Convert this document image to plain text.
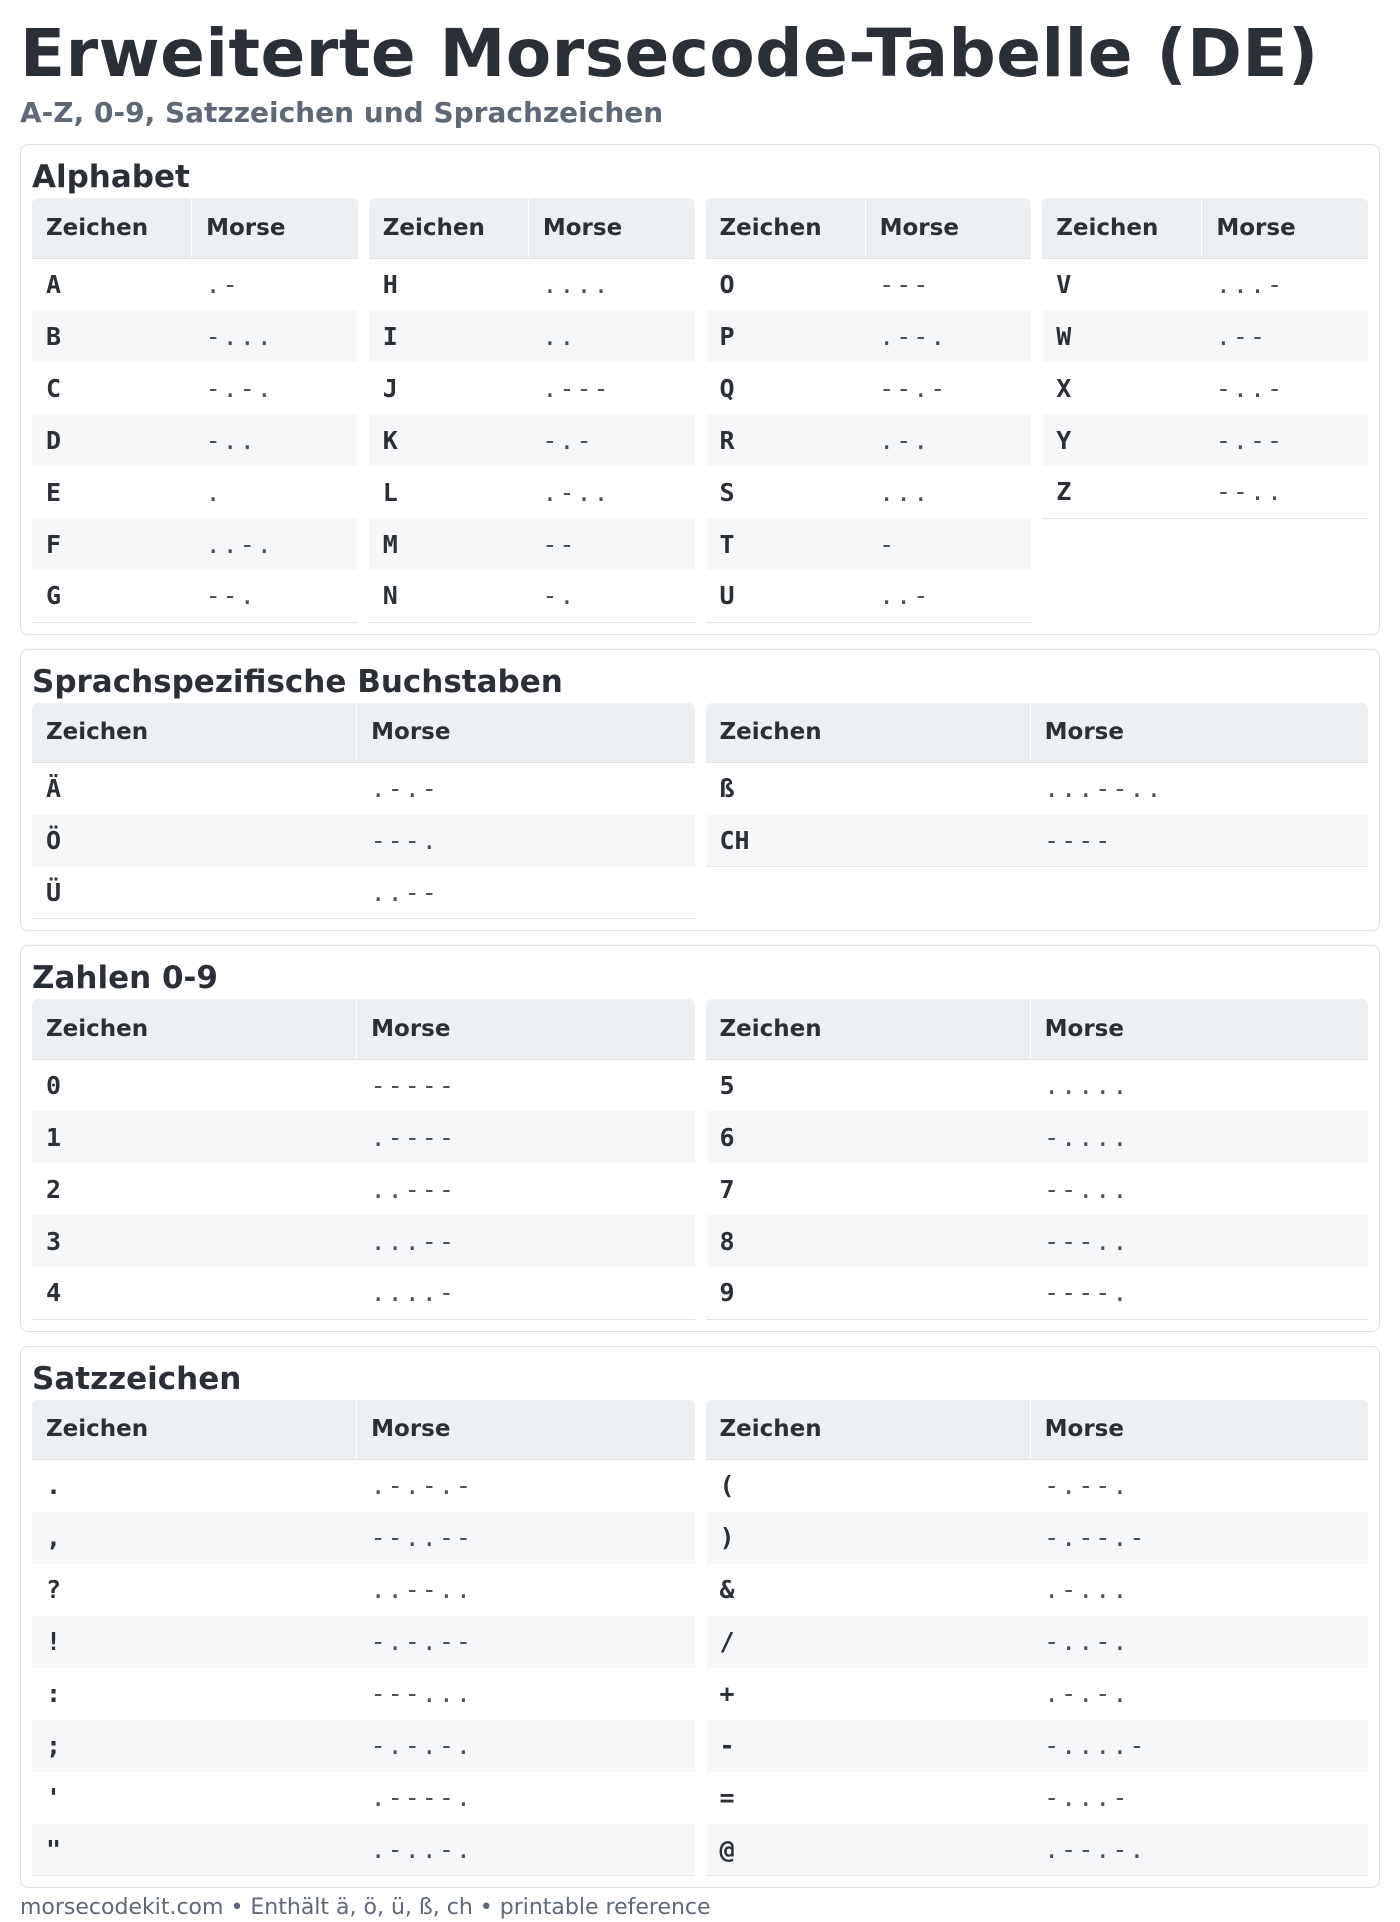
Erweiterte Morsecode-Tabelle (DE)
A-Z, 0-9, Satzzeichen und Sprachzeichen
Alphabet
Zeichen	Morse
A	.-
B	-...
C	-.-.
D	-..
E	.
F	..-.
G	--.
Zeichen	Morse
H	....
I	..
J	.---
K	-.-
L	.-..
M	--
N	-.
Zeichen	Morse
O	---
P	.--.
Q	--.-
R	.-.
S	...
T	-
U	..-
Zeichen	Morse
V	...-
W	.--
X	-..-
Y	-.--
Z	--..
Sprachspezifische Buchstaben
Zeichen	Morse
Ä	.-.-
Ö	---.
Ü	..--
Zeichen	Morse
ß	...--..
CH	----
Zahlen 0-9
Zeichen	Morse
0	-----
1	.----
2	..---
3	...--
4	....-
Zeichen	Morse
5	.....
6	-....
7	--...
8	---..
9	----.
Satzzeichen
Zeichen	Morse
.	.-.-.-
,	--..--
?	..--..
!	-.-.--
:	---...
;	-.-.-.
'	.----.
"	.-..-.
Zeichen	Morse
(	-.--.
)	-.--.-
&	.-...
/	-..-.
+	.-.-.
-	-....-
=	-...-
@	.--.-.
morsecodekit.com • Enthält ä, ö, ü, ß, ch • printable reference
